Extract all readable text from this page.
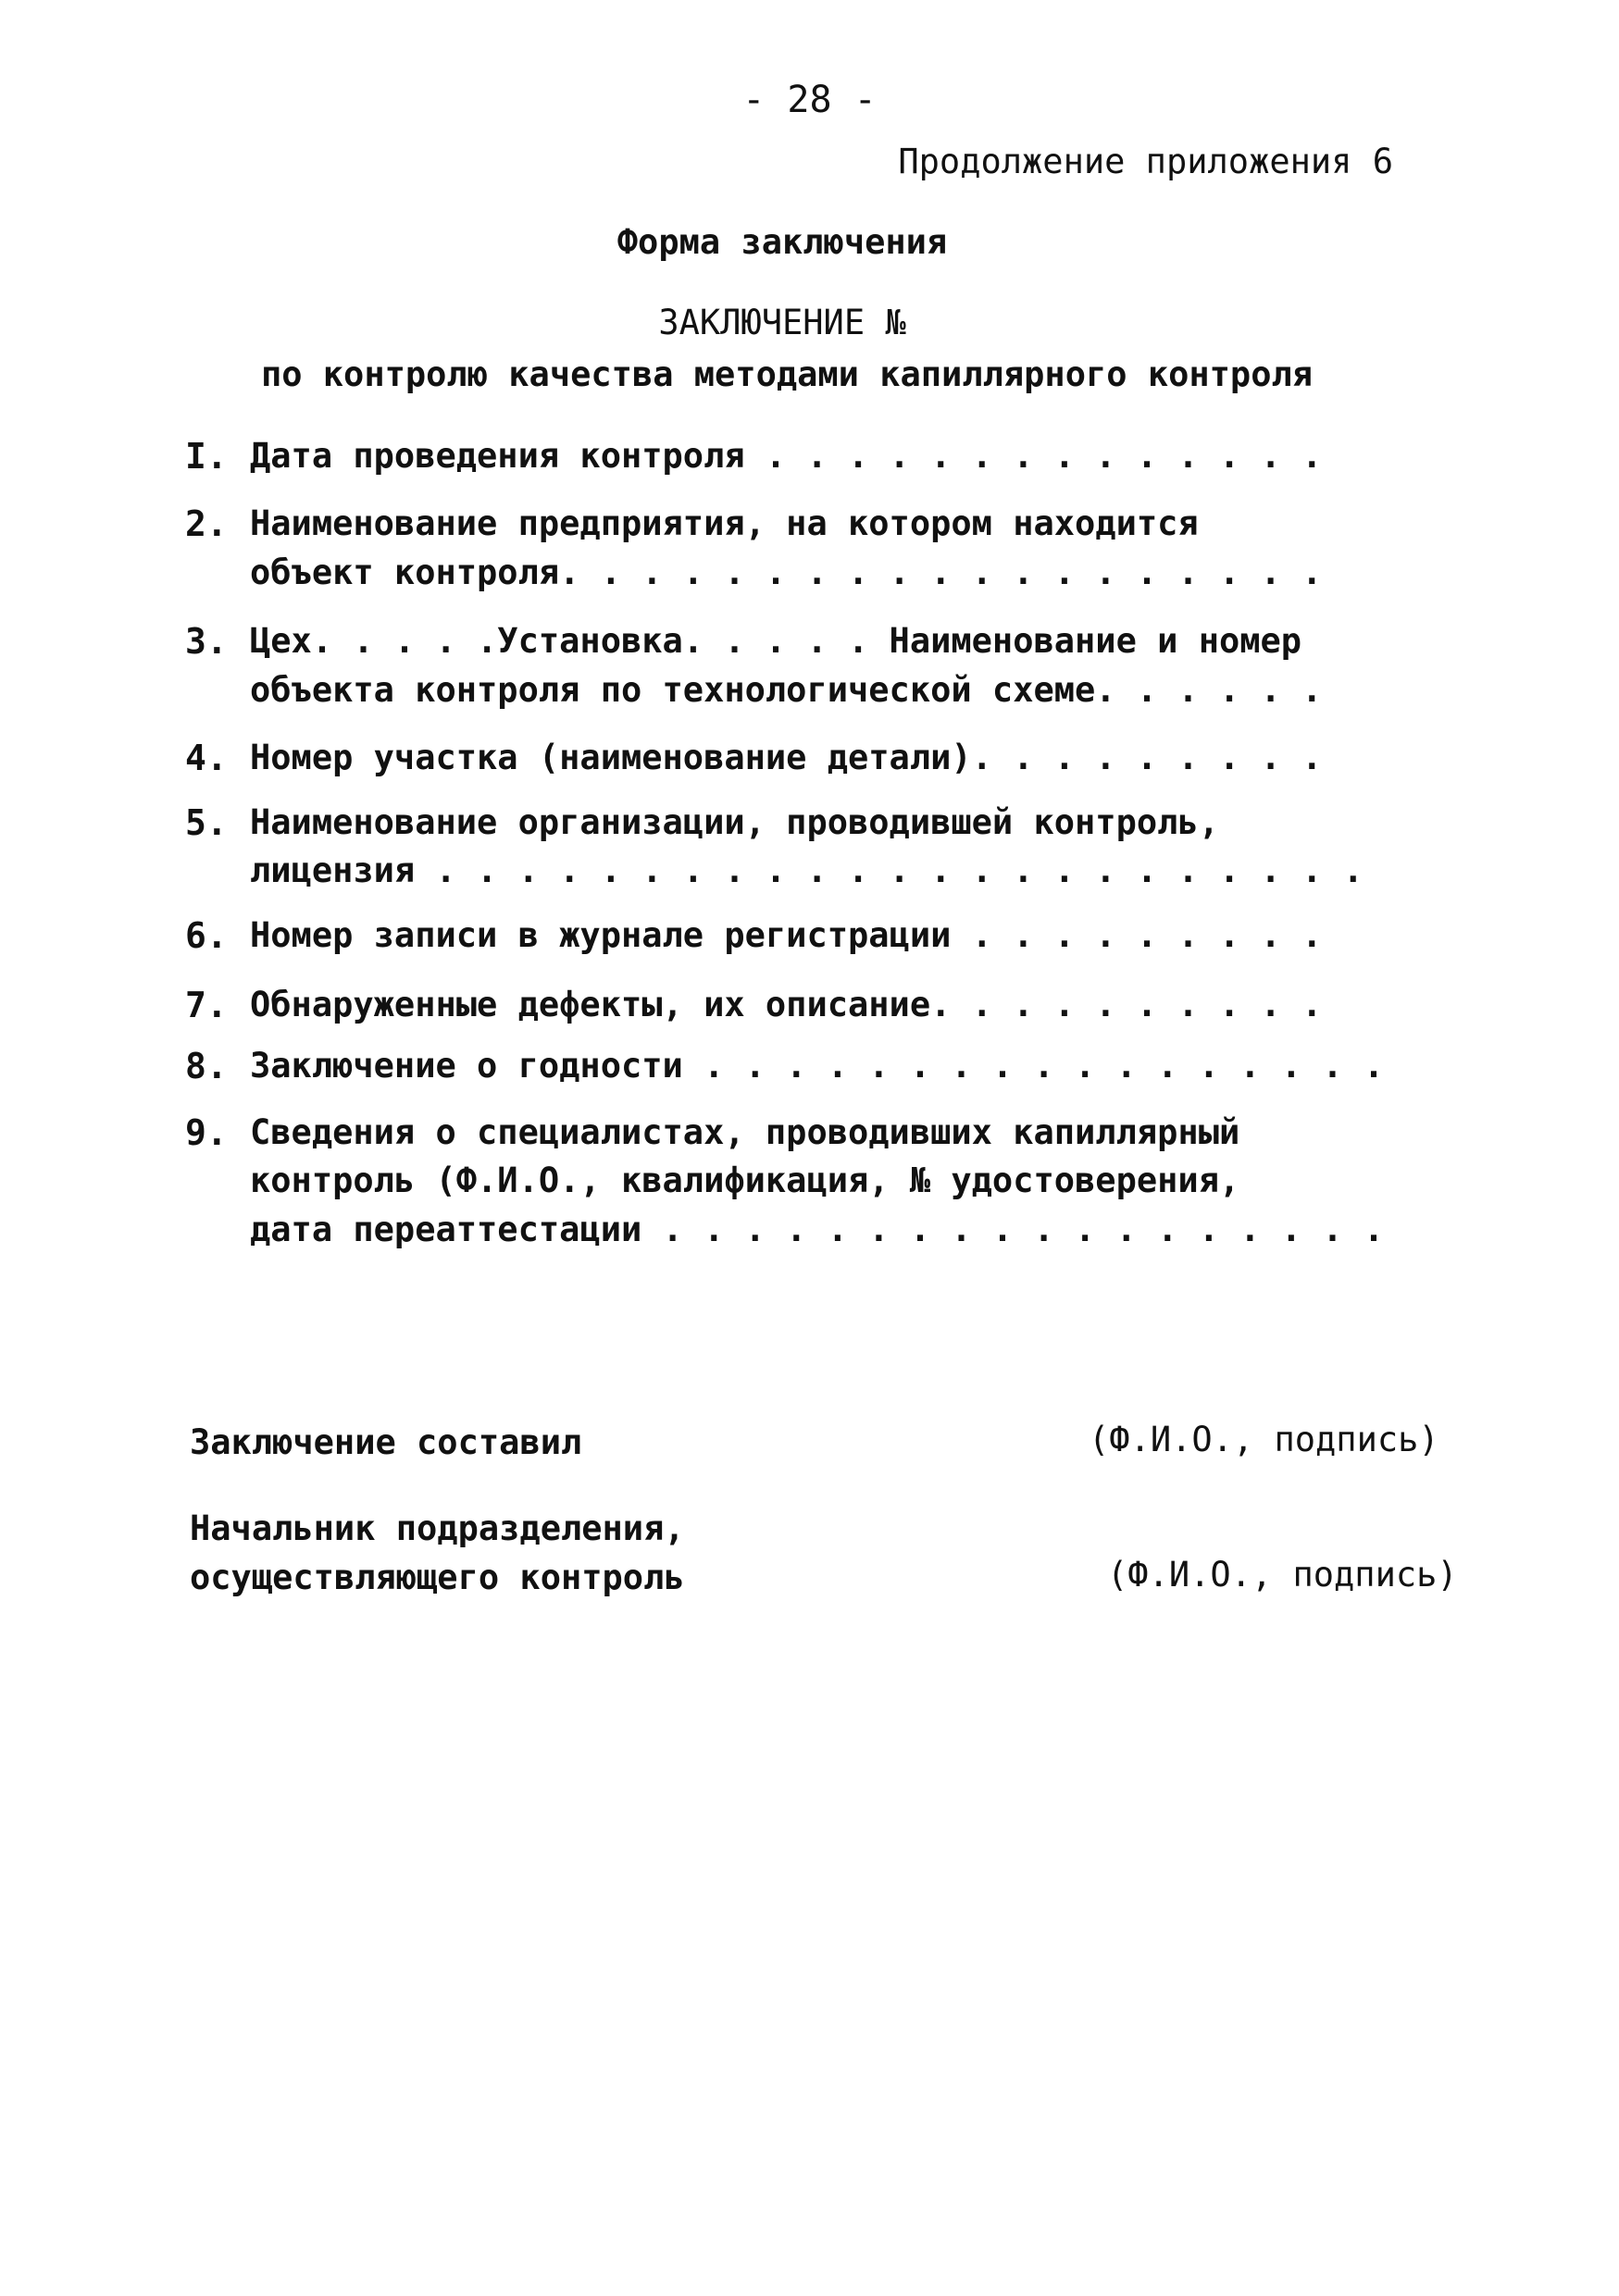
- 28 -
Продолжение приложения 6
Форма заключения
ЗАКЛЮЧЕНИЕ №
по контролю качества методами капиллярного контроля
I. Дата проведения контроля . . . . . . . . . . . . . .
2. Наименование предприятия, на котором находится
объект контроля. . . . . . . . . . . . . . . . . . .
3. Цех. . . . .Установка. . . . . Наименование и номер
объекта контроля по технологической схеме. . . . . .
4. Номер участка (наименование детали). . . . . . . . .
5. Наименование организации, проводившей контроль,
лицензия . . . . . . . . . . . . . . . . . . . . . . .
6. Номер записи в журнале регистрации . . . . . . . . .
7. Обнаруженные дефекты, их описание. . . . . . . . . .
8. Заключение о годности . . . . . . . . . . . . . . . . .
9. Сведения о специалистах, проводивших капиллярный
контроль (Ф.И.О., квалификация, № удостоверения,
дата переаттестации . . . . . . . . . . . . . . . . . .
Заключение составил	(Ф.И.О., подпись)
Начальник подразделения,
осуществляющего контроль	(Ф.И.О., подпись)
